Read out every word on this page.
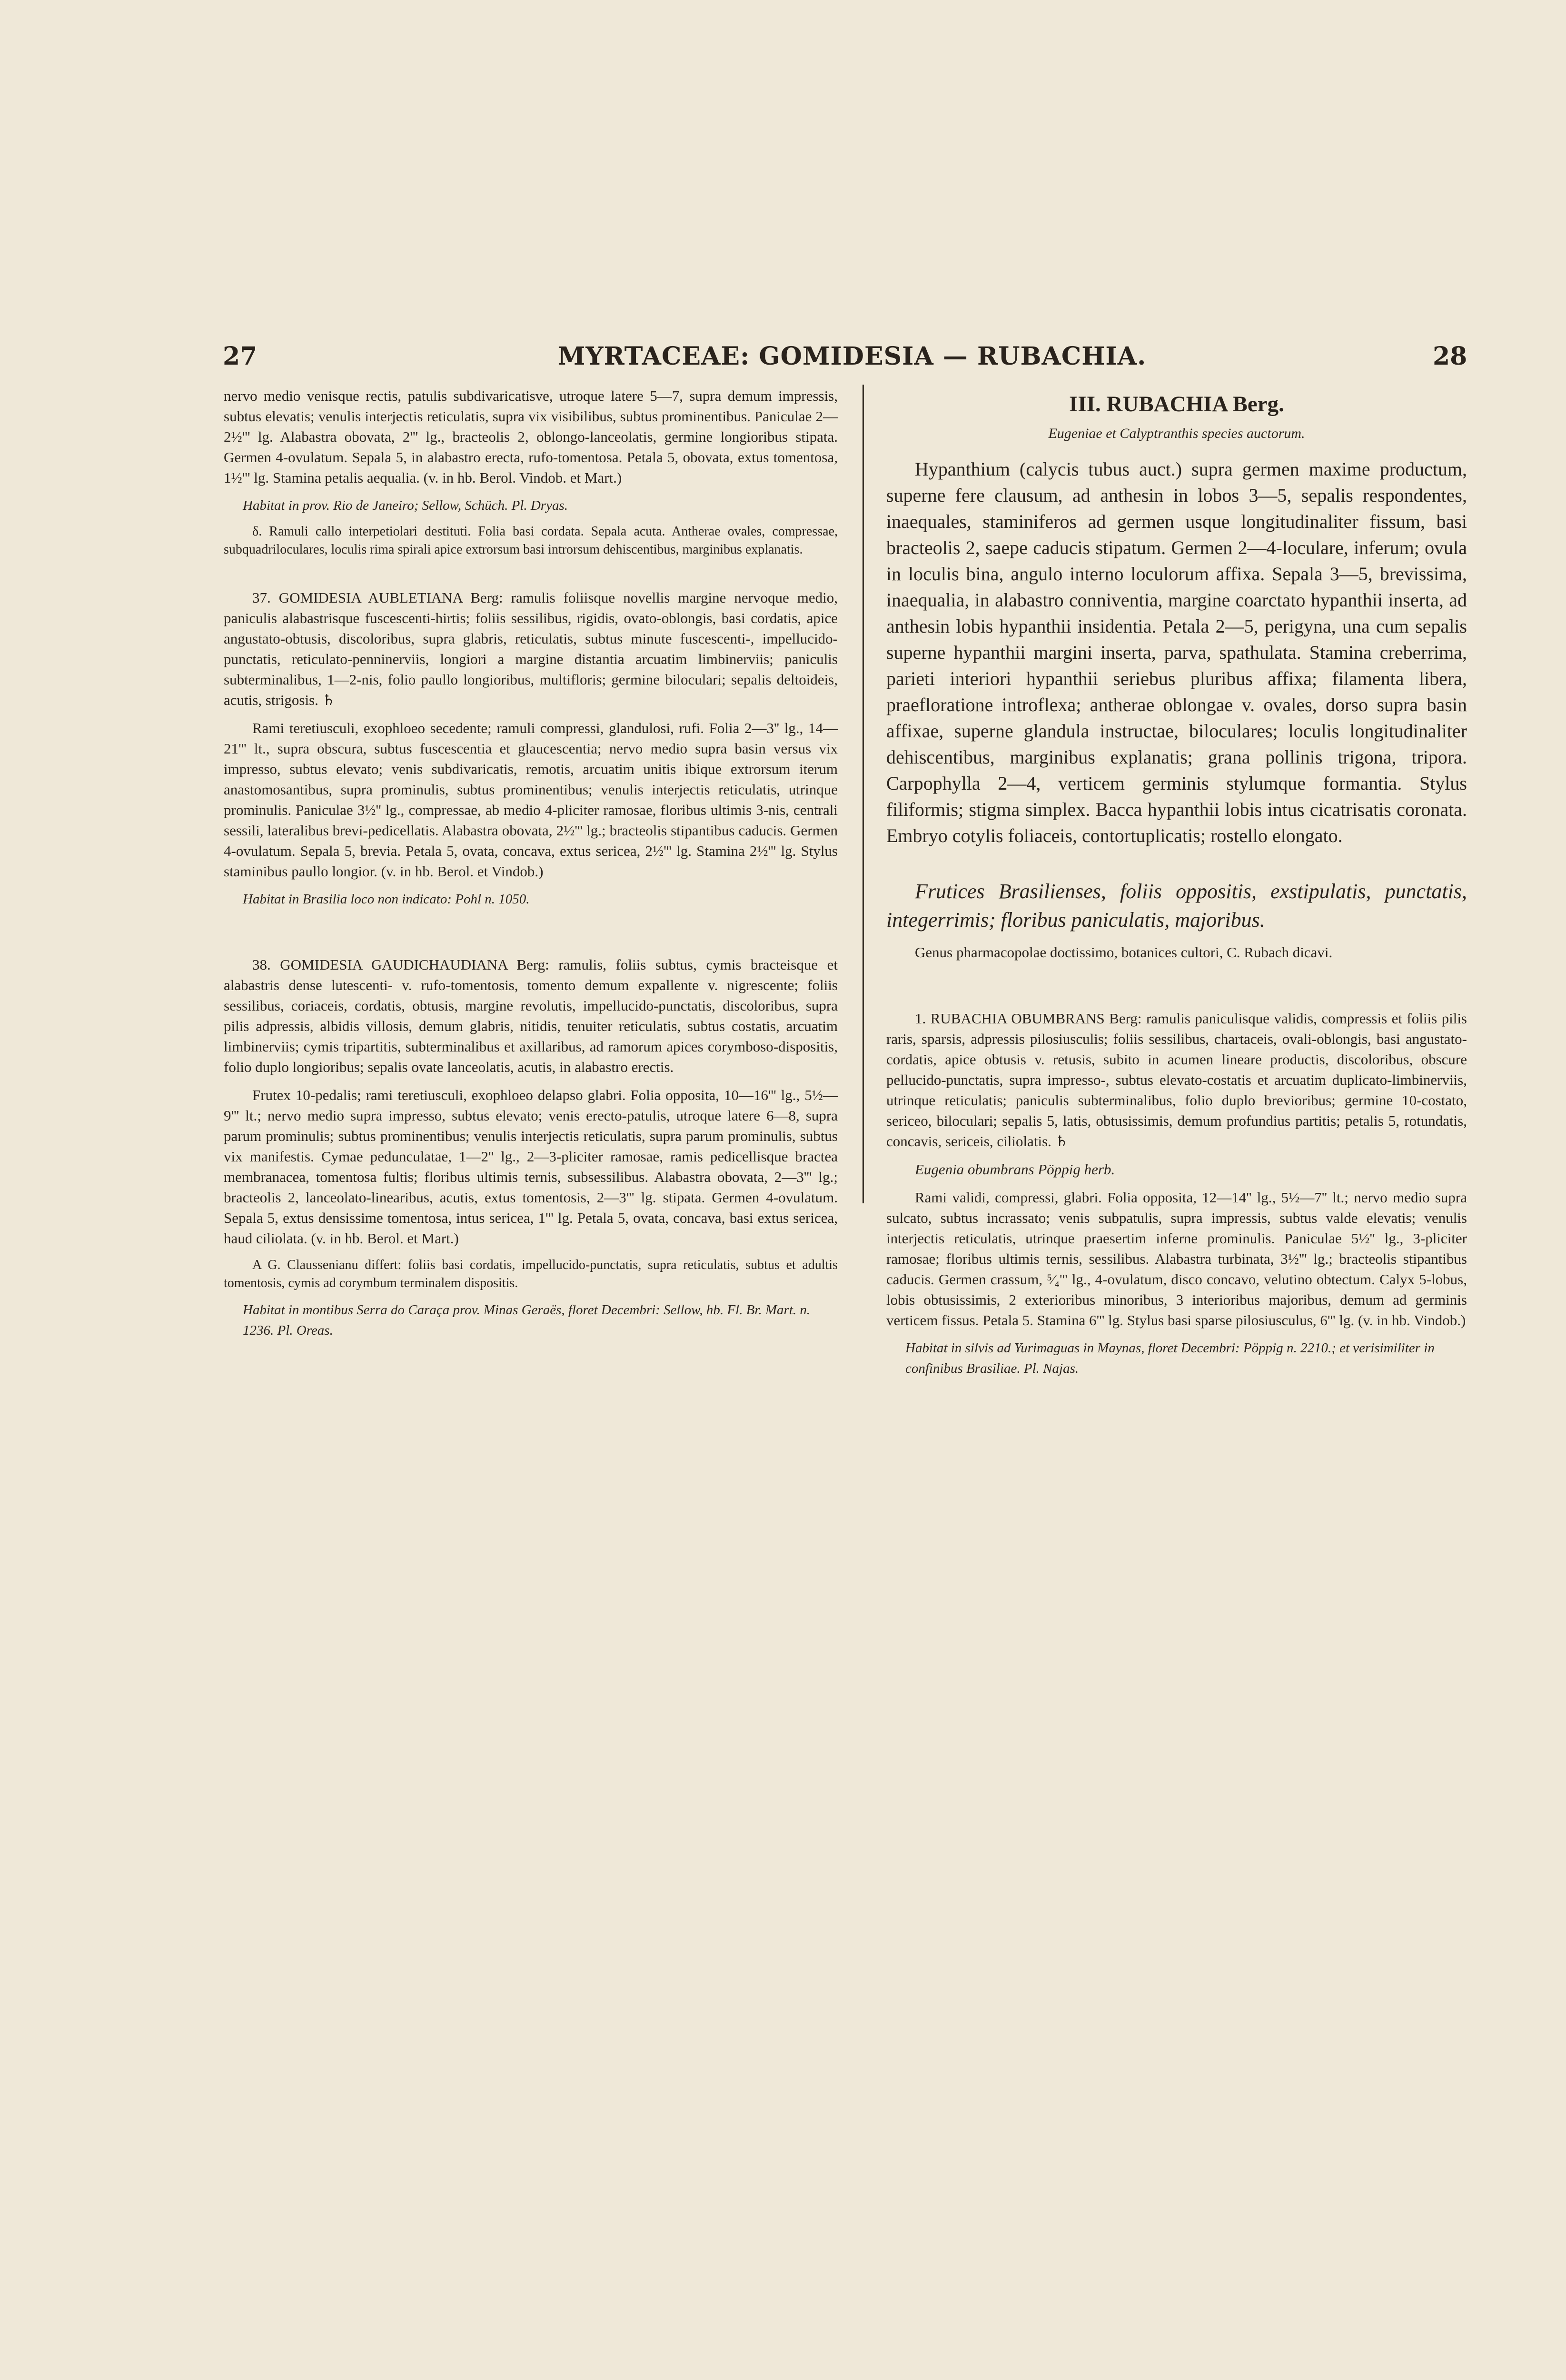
27	MYRTACEAE: GOMIDESIA — RUBACHIA.	28

nervo medio venisque rectis, patulis subdivaricatisve, utroque latere 5—7, supra demum impressis, subtus elevatis; venulis interjectis reticulatis, supra vix visibilibus, subtus prominentibus. Paniculae 2—2½''' lg. Alabastra obovata, 2''' lg., bracteolis 2, oblongo-lanceolatis, germine longioribus stipata. Germen 4-ovulatum. Sepala 5, in alabastro erecta, rufo-tomentosa. Petala 5, obovata, extus tomentosa, 1½''' lg. Stamina petalis aequalia. (v. in hb. Berol. Vindob. et Mart.)

Habitat in prov. Rio de Janeiro; Sellow, Schüch. Pl. Dryas.

δ. Ramuli callo interpetiolari destituti. Folia basi cordata. Sepala acuta. Antherae ovales, compressae, subquadriloculares, loculis rima spirali apice extrorsum basi introrsum dehiscentibus, marginibus explanatis.

37. GOMIDESIA AUBLETIANA Berg: ramulis foliisque novellis margine nervoque medio, paniculis alabastrisque fuscescenti-hirtis; foliis sessilibus, rigidis, ovato-oblongis, basi cordatis, apice angustato-obtusis, discoloribus, supra glabris, reticulatis, subtus minute fuscescenti-, impellucido-punctatis, reticulato-penninerviis, longiori a margine distantia arcuatim limbinerviis; paniculis subterminalibus, 1—2-nis, folio paullo longioribus, multifloris; germine biloculari; sepalis deltoideis, acutis, strigosis. ♄

Rami teretiusculi, exophloeo secedente; ramuli compressi, glandulosi, rufi. Folia 2—3'' lg., 14—21''' lt., supra obscura, subtus fuscescentia et glaucescentia; nervo medio supra basin versus vix impresso, subtus elevato; venis subdivaricatis, remotis, arcuatim unitis ibique extrorsum iterum anastomosantibus, supra prominulis, subtus prominentibus; venulis interjectis reticulatis, utrinque prominulis. Paniculae 3½'' lg., compressae, ab medio 4-pliciter ramosae, floribus ultimis 3-nis, centrali sessili, lateralibus brevi-pedicellatis. Alabastra obovata, 2½''' lg.; bracteolis stipantibus caducis. Germen 4-ovulatum. Sepala 5, brevia. Petala 5, ovata, concava, extus sericea, 2½''' lg. Stamina 2½''' lg. Stylus staminibus paullo longior. (v. in hb. Berol. et Vindob.)

Habitat in Brasilia loco non indicato: Pohl n. 1050.

38. GOMIDESIA GAUDICHAUDIANA Berg: ramulis, foliis subtus, cymis bracteisque et alabastris dense lutescenti- v. rufo-tomentosis, tomento demum expallente v. nigrescente; foliis sessilibus, coriaceis, cordatis, obtusis, margine revolutis, impellucido-punctatis, discoloribus, supra pilis adpressis, albidis villosis, demum glabris, nitidis, tenuiter reticulatis, subtus costatis, arcuatim limbinerviis; cymis tripartitis, subterminalibus et axillaribus, ad ramorum apices corymboso-dispositis, folio duplo longioribus; sepalis ovate lanceolatis, acutis, in alabastro erectis.

Frutex 10-pedalis; rami teretiusculi, exophloeo delapso glabri. Folia opposita, 10—16''' lg., 5½—9''' lt.; nervo medio supra impresso, subtus elevato; venis erecto-patulis, utroque latere 6—8, supra parum prominulis; subtus prominentibus; venulis interjectis reticulatis, supra parum prominulis, subtus vix manifestis. Cymae pedunculatae, 1—2'' lg., 2—3-pliciter ramosae, ramis pedicellisque bractea membranacea, tomentosa fultis; floribus ultimis ternis, subsessilibus. Alabastra obovata, 2—3''' lg.; bracteolis 2, lanceolato-linearibus, acutis, extus tomentosis, 2—3''' lg. stipata. Germen 4-ovulatum. Sepala 5, extus densissime tomentosa, intus sericea, 1''' lg. Petala 5, ovata, concava, basi extus sericea, haud ciliolata. (v. in hb. Berol. et Mart.)

A G. Claussenianu differt: foliis basi cordatis, impellucido-punctatis, supra reticulatis, subtus et adultis tomentosis, cymis ad corymbum terminalem dispositis.

Habitat in montibus Serra do Caraça prov. Minas Geraës, floret Decembri: Sellow, hb. Fl. Br. Mart. n. 1236. Pl. Oreas.

III. RUBACHIA Berg.
Eugeniae et Calyptranthis species auctorum.

Hypanthium (calycis tubus auct.) supra germen maxime productum, superne fere clausum, ad anthesin in lobos 3—5, sepalis respondentes, inaequales, staminiferos ad germen usque longitudinaliter fissum, basi bracteolis 2, saepe caducis stipatum. Germen 2—4-loculare, inferum; ovula in loculis bina, angulo interno loculorum affixa. Sepala 3—5, brevissima, inaequalia, in alabastro conniventia, margine coarctato hypanthii inserta, ad anthesin lobis hypanthii insidentia. Petala 2—5, perigyna, una cum sepalis superne hypanthii margini inserta, parva, spathulata. Stamina creberrima, parieti interiori hypanthii seriebus pluribus affixa; filamenta libera, praefloratione introflexa; antherae oblongae v. ovales, dorso supra basin affixae, superne glandula instructae, biloculares; loculis longitudinaliter dehiscentibus, marginibus explanatis; grana pollinis trigona, tripora. Carpophylla 2—4, verticem germinis stylumque formantia. Stylus filiformis; stigma simplex. Bacca hypanthii lobis intus cicatrisatis coronata. Embryo cotylis foliaceis, contortuplicatis; rostello elongato.

Frutices Brasilienses, foliis oppositis, exstipulatis, punctatis, integerrimis; floribus paniculatis, majoribus.

Genus pharmacopolae doctissimo, botanices cultori, C. Rubach dicavi.

1. RUBACHIA OBUMBRANS Berg: ramulis paniculisque validis, compressis et foliis pilis raris, sparsis, adpressis pilosiusculis; foliis sessilibus, chartaceis, ovali-oblongis, basi angustato-cordatis, apice obtusis v. retusis, subito in acumen lineare productis, discoloribus, obscure pellucido-punctatis, supra impresso-, subtus elevato-costatis et arcuatim duplicato-limbinerviis, utrinque reticulatis; paniculis subterminalibus, folio duplo brevioribus; germine 10-costato, sericeo, biloculari; sepalis 5, latis, obtusissimis, demum profundius partitis; petalis 5, rotundatis, concavis, sericeis, ciliolatis. ♄

Eugenia obumbrans Pöppig herb.

Rami validi, compressi, glabri. Folia opposita, 12—14'' lg., 5½—7'' lt.; nervo medio supra sulcato, subtus incrassato; venis subpatulis, supra impressis, subtus valde elevatis; venulis interjectis reticulatis, utrinque praesertim inferne prominulis. Paniculae 5½'' lg., 3-pliciter ramosae; floribus ultimis ternis, sessilibus. Alabastra turbinata, 3½''' lg.; bracteolis stipantibus caducis. Germen crassum, ⁵⁄₄''' lg., 4-ovulatum, disco concavo, velutino obtectum. Calyx 5-lobus, lobis obtusissimis, 2 exterioribus minoribus, 3 interioribus majoribus, demum ad germinis verticem fissus. Petala 5. Stamina 6''' lg. Stylus basi sparse pilosiusculus, 6''' lg. (v. in hb. Vindob.)

Habitat in silvis ad Yurimaguas in Maynas, floret Decembri: Pöppig n. 2210.; et verisimiliter in confinibus Brasiliae. Pl. Najas.
